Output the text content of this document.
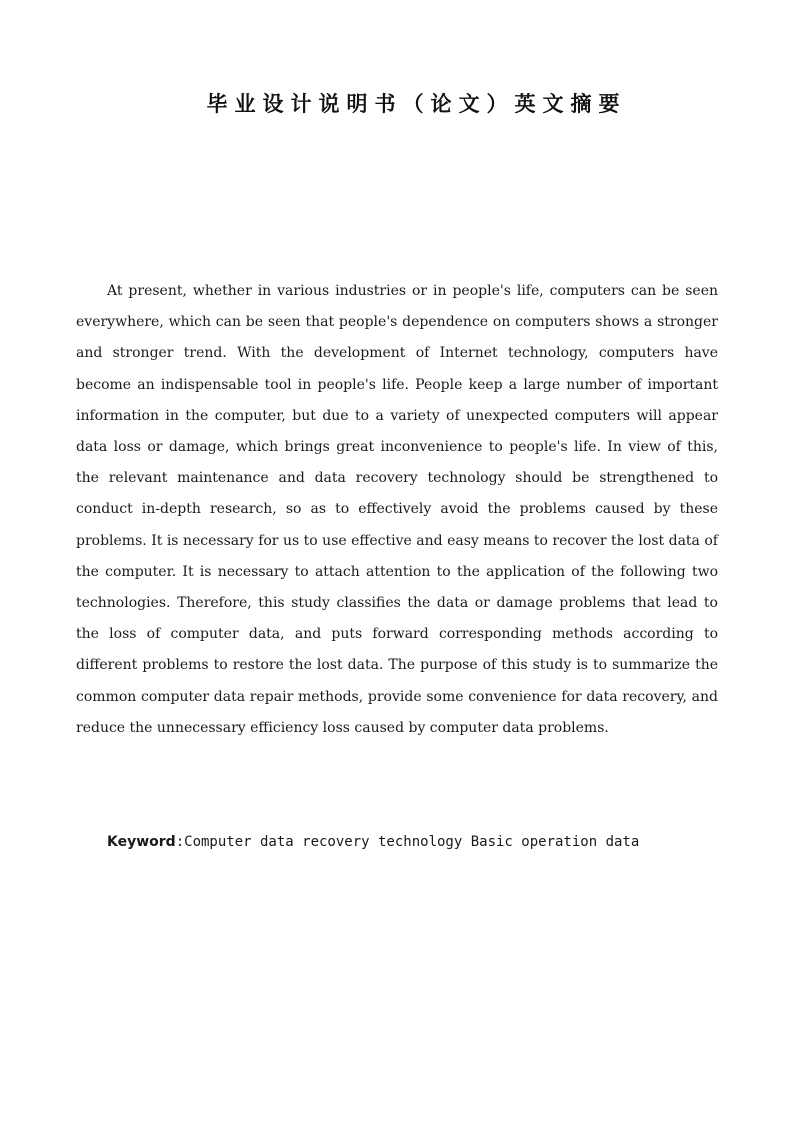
毕业设计说明书（论文）英文摘要

At present, whether in various industries or in people's life, computers can be seen everywhere, which can be seen that people's dependence on computers shows a stronger and stronger trend. With the development of Internet technology, computers have become an indispensable tool in people's life. People keep a large number of important information in the computer, but due to a variety of unexpected computers will appear data loss or damage, which brings great inconvenience to people's life. In view of this, the relevant maintenance and data recovery technology should be strengthened to conduct in-depth research, so as to effectively avoid the problems caused by these problems. It is necessary for us to use effective and easy means to recover the lost data of the computer. It is necessary to attach attention to the application of the following two technologies. Therefore, this study classifies the data or damage problems that lead to the loss of computer data, and puts forward corresponding methods according to different problems to restore the lost data. The purpose of this study is to summarize the common computer data repair methods, provide some convenience for data recovery, and reduce the unnecessary efficiency loss caused by computer data problems.

Keyword:Computer data recovery technology Basic operation data
